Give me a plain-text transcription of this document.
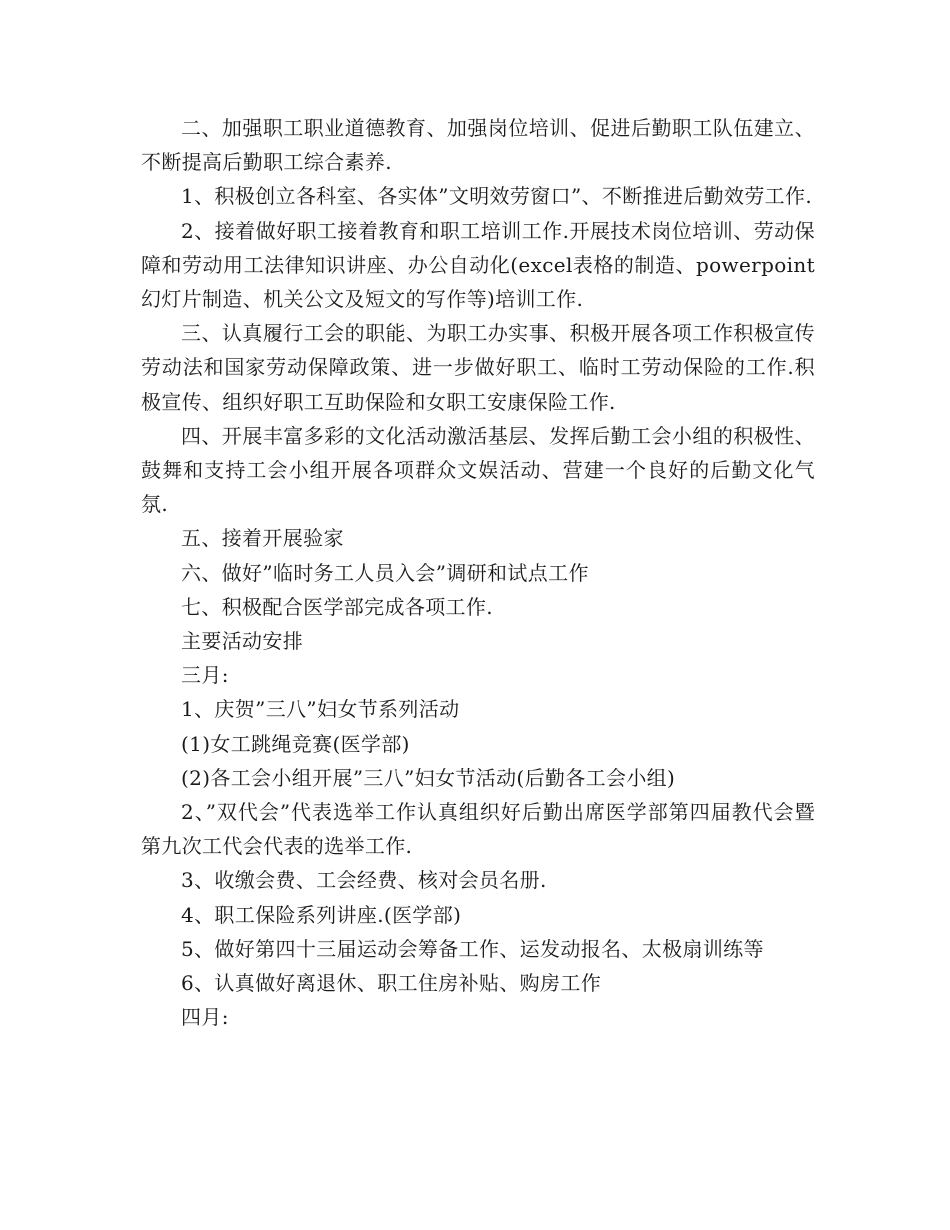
二、加强职工职业道德教育、加强岗位培训、促进后勤职工队伍建立、不断提高后勤职工综合素养.

1、积极创立各科室、各实体”文明效劳窗口”、不断推进后勤效劳工作.

2、接着做好职工接着教育和职工培训工作.开展技术岗位培训、劳动保障和劳动用工法律知识讲座、办公自动化(excel表格的制造、powerpoint幻灯片制造、机关公文及短文的写作等)培训工作.

三、认真履行工会的职能、为职工办实事、积极开展各项工作积极宣传劳动法和国家劳动保障政策、进一步做好职工、临时工劳动保险的工作.积极宣传、组织好职工互助保险和女职工安康保险工作.

四、开展丰富多彩的文化活动激活基层、发挥后勤工会小组的积极性、鼓舞和支持工会小组开展各项群众文娱活动、营建一个良好的后勤文化气氛.

五、接着开展验家

六、做好”临时务工人员入会”调研和试点工作

七、积极配合医学部完成各项工作.

主要活动安排

三月:

1、庆贺”三八”妇女节系列活动

(1)女工跳绳竞赛(医学部)

(2)各工会小组开展”三八”妇女节活动(后勤各工会小组)

2、”双代会”代表选举工作认真组织好后勤出席医学部第四届教代会暨第九次工代会代表的选举工作.

3、收缴会费、工会经费、核对会员名册.

4、职工保险系列讲座.(医学部)

5、做好第四十三届运动会筹备工作、运发动报名、太极扇训练等

6、认真做好离退休、职工住房补贴、购房工作

四月:
